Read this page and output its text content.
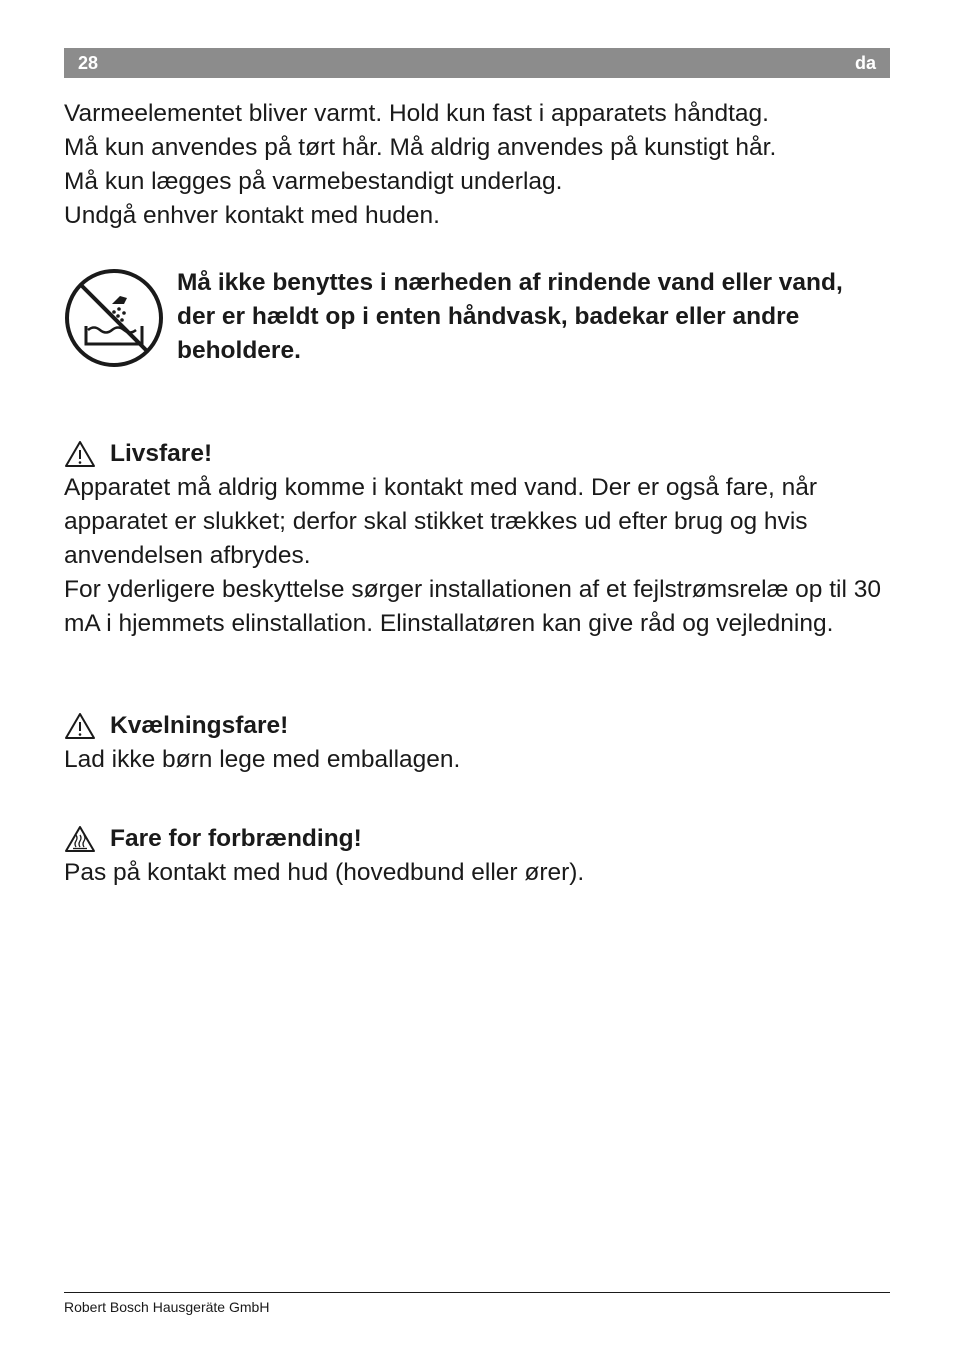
28	da

Varmeelementet bliver varmt. Hold kun fast i apparatets håndtag.

Må kun anvendes på tørt hår. Må aldrig anvendes på kunstigt hår.

Må kun lægges på varmebestandigt underlag.

Undgå enhver kontakt med huden.

Må ikke benyttes i nærheden af rindende vand eller vand, der er hældt op i enten håndvask, badekar eller andre beholdere.
Livsfare!

Apparatet må aldrig komme i kontakt med vand. Der er også fare, når apparatet er slukket; derfor skal stikket trækkes ud efter brug og hvis anvendelsen afbrydes.

For yderligere beskyttelse sørger installationen af et fejlstrømsrelæ op til 30 mA i hjemmets elinstallation. Elinstallatøren kan give råd og vejledning.

Kvælningsfare!

Lad ikke børn lege med emballagen.

Fare for forbrænding!

Pas på kontakt med hud (hovedbund eller ører).

Robert Bosch Hausgeräte GmbH
